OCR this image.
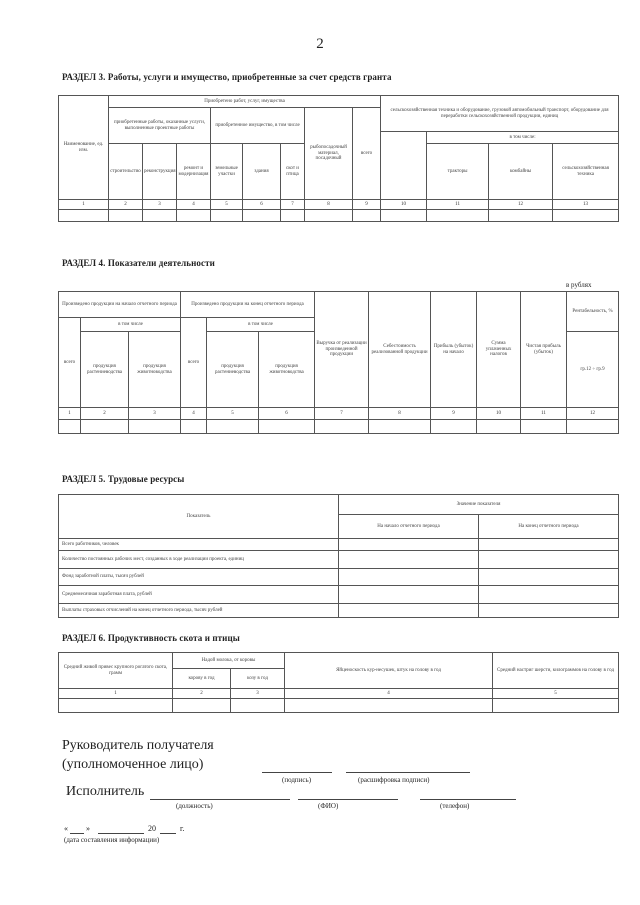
2
РАЗДЕЛ 3. Работы, услуги и имущество, приобретенные за счет средств гранта
Наименование, ед. изм.	Приобретено работ, услуг, имущества								сельскохозяйственная техника и оборудование, грузовой автомобильный транспорт, оборудование для переработки сельскохозяйственной продукции, единиц				
	приобретенные работы, оказанные услуги, выполненные проектные работы			приобретенное имущество, в том числе			рыбопосадочный материал, посадочный	всего					
										в том числе:			
	строительство	реконструкция	ремонт и модернизация	земельные участки	здания	скот и птица				тракторы	комбайны	сельскохозяйственная техника	
1	2	3	4	5	6	7	8	9	10	11	12	13	

РАЗДЕЛ 4. Показатели деятельности
в рублях
Произведено продукции на начало отчетного периода			Произведено продукции на конец отчетного периода			Выручка от реализации произведенной продукции	Себестоимость реализованной продукции	Прибыль (убыток) на начало	Сумма уплаченных налогов	Чистая прибыль (убыток)	Рентабельность, %
всего	в том числе		всего	в том числе							
	продукция растениеводства	продукция животноводства		продукция растениеводства	продукция животноводства						гр.12 ÷ гр.9
1	2	3	4	5	6	7	8	9	10	11	12

РАЗДЕЛ 5. Трудовые ресурсы
Показатель	Значение показателя	
	На начало отчетного периода	На конец отчетного периода
Всего работников, человек		
Количество постоянных рабочих мест, созданных в ходе реализации проекта, единиц		
Фонд заработной платы, тысяч рублей		
Среднемесячная заработная плата, рублей		
Выплаты страховых отчислений на конец отчетного периода, тысяч рублей		
РАЗДЕЛ 6. Продуктивность скота и птицы
Средний живой привес крупного рогатого скота, грамм	Надой молока, от коровы		Яйценоскость кур-несушек, штук на голову в год	Средний настриг шерсти, килограммов на голову в год
	корову в год	козу в год		
1	2	3	4	5

Руководитель получателя
(уполномоченное лицо)
(подпись)	(расшифровка подписи)
Исполнитель
(должность)	(ФИО)	(телефон)
« »	20	г.
(дата составления информации)
